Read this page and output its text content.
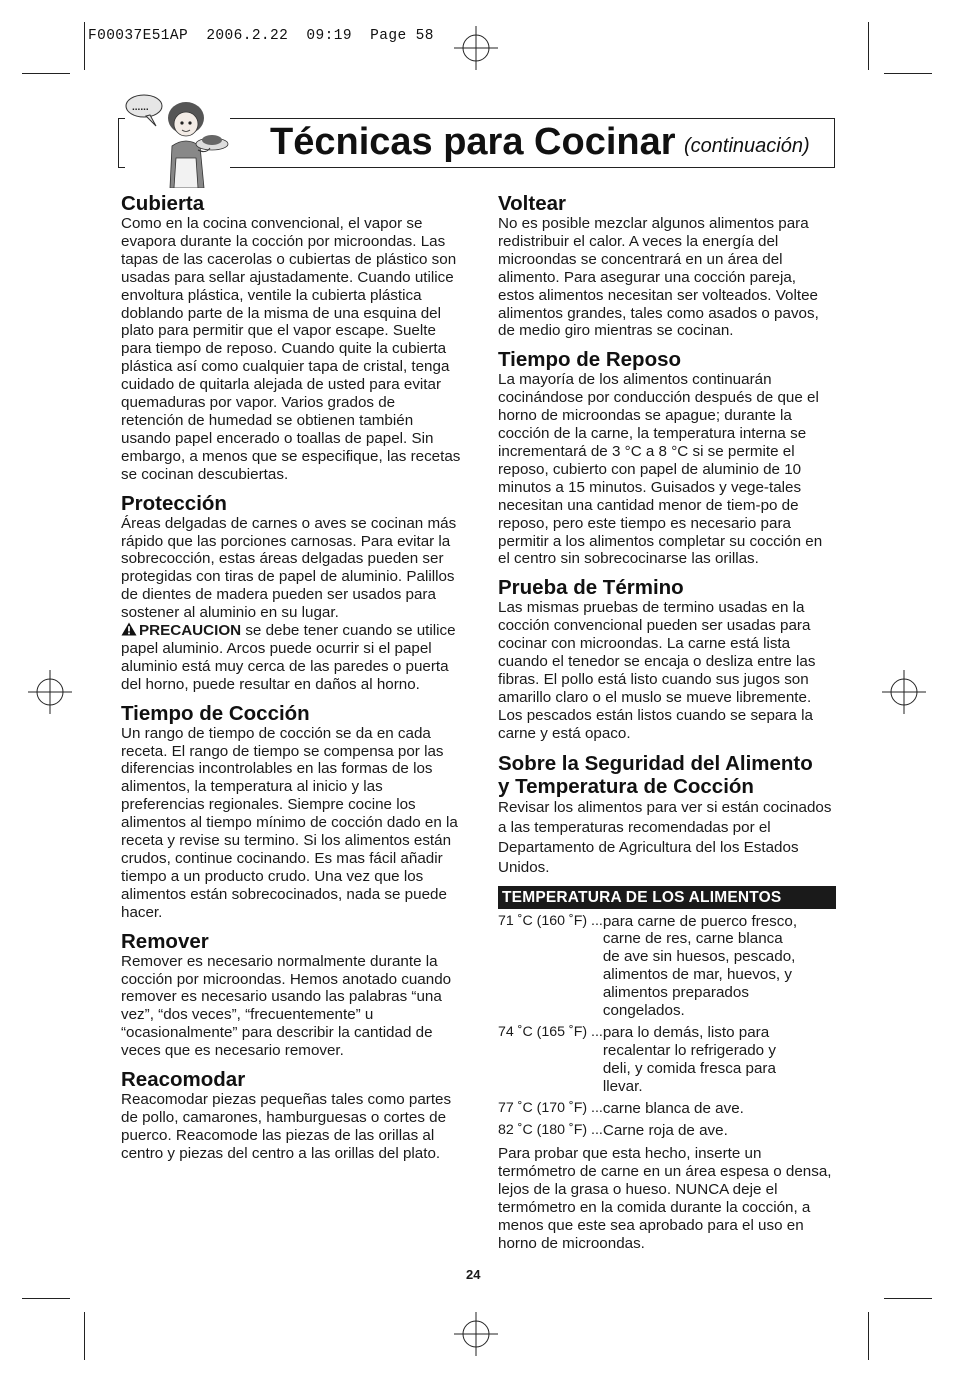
F00037E51AP  2006.2.22  09:19  Page 58
......
Técnicas para Cocinar (continuación)
Cubierta

Como en la cocina convencional, el vapor se evapora durante la cocción por microondas. Las tapas de las cacerolas o cubiertas de plástico son usadas para sellar ajustadamente. Cuando utilice envoltura plástica, ventile la cubierta plástica doblando parte de la misma de una esquina del plato para permitir que el vapor escape. Suelte para tiempo de reposo. Cuando quite la cubierta plástica así como cualquier tapa de cristal, tenga cuidado de quitarla alejada de usted para evitar quemaduras por vapor. Varios grados de retención de humedad se obtienen también usando papel encerado o toallas de papel. Sin embargo, a menos que se especifique, las recetas se cocinan descubiertas.

Protección

Áreas delgadas de carnes o aves se cocinan más rápido que las porciones carnosas. Para evitar la sobrecocción, estas áreas delgadas pueden ser protegidas con tiras de papel de aluminio. Palillos de dientes de madera pueden ser usados para sostener al aluminio en su lugar.

PRECAUCION se debe tener cuando se utilice papel aluminio. Arcos puede ocurrir si el papel aluminio está muy cerca de las paredes o puerta del horno, puede resultar en daños al horno.

Tiempo de Cocción

Un rango de tiempo de cocción se da en cada receta. El rango de tiempo se compensa por las diferencias incontrolables en las formas de los alimentos, la temperatura al inicio y las preferencias regionales. Siempre cocine los alimentos al tiempo mínimo de cocción dado en la receta y revise su termino. Si los alimentos están crudos, continue cocinando. Es mas fácil añadir tiempo a un producto crudo. Una vez que los alimentos están sobrecocinados, nada se puede hacer.

Remover

Remover es necesario normalmente durante la cocción por microondas. Hemos anotado cuando remover es necesario usando las palabras “una vez”, “dos veces”, “frecuentemente” u “ocasionalmente” para describir la cantidad de veces que es necesario remover.

Reacomodar

Reacomodar piezas pequeñas tales como partes de pollo, camarones, hamburguesas o cortes de puerco. Reacomode las piezas de las orillas al centro y piezas del centro a las orillas del plato.

Voltear

No es posible mezclar algunos alimentos para redistribuir el calor. A veces la energía del microondas se concentrará en un área del alimento. Para asegurar una cocción pareja, estos alimentos necesitan ser volteados. Voltee alimentos grandes, tales como asados o pavos, de medio giro mientras se cocinan.

Tiempo de Reposo

La mayoría de los alimentos continuarán cocinándose por conducción después de que el horno de microondas se apague; durante la cocción de la carne, la temperatura interna se incrementará de 3 °C a 8 °C si se permite el reposo, cubierto con papel de aluminio de 10 minutos a 15 minutos. Guisados y vege-tales necesitan una cantidad menor de tiem-po de reposo, pero este tiempo es necesario para permitir a los alimentos completar su cocción en el centro sin sobrecocinarse las orillas.

Prueba de Término

Las mismas pruebas de termino usadas en la cocción convencional pueden ser usadas para cocinar con microondas. La carne está lista cuando el tenedor se encaja o desliza entre las fibras. El pollo está listo cuando sus jugos son amarillo claro o el muslo se mueve libremente. Los pescados están listos cuando se separa la carne y está opaco.

Sobre la Seguridad del Alimento
y Temperatura de Cocción

Revisar los alimentos para ver si están cocinados a las temperaturas recomendadas por el Departamento de Agricultura del los Estados Unidos.

TEMPERATURA DE LOS ALIMENTOS
71 ˚C (160 ˚F) ... para carne de puerco fresco,
carne de res, carne blanca
de ave sin huesos, pescado,
alimentos de mar, huevos, y
alimentos preparados
congelados.
74 ˚C (165 ˚F) ... para lo demás, listo para
recalentar lo refrigerado y
deli, y comida fresca para
llevar.
77 ˚C (170 ˚F) ... carne blanca de ave.
82 ˚C (180 ˚F) ... Carne roja de ave.

Para probar que esta hecho, inserte un termómetro de carne en un área espesa o densa, lejos de la grasa o hueso. NUNCA deje el termómetro en la comida durante la cocción, a menos que este sea aprobado para el uso en horno de microondas.

24
